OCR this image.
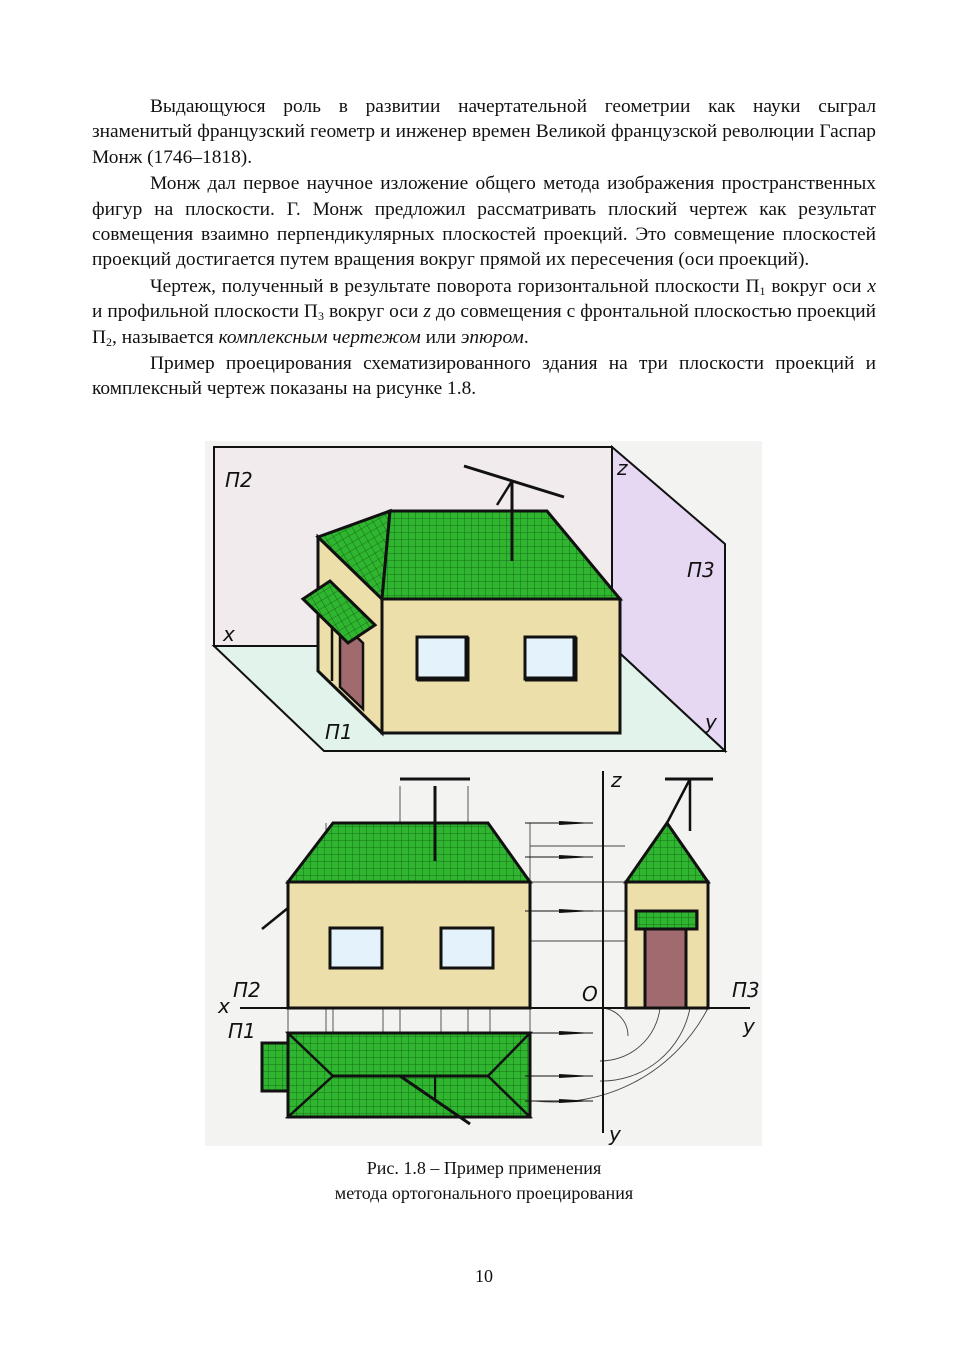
Выдающуюся роль в развитии начертательной геометрии как науки сыграл знаменитый французский геометр и инженер времен Великой французской революции Гаспар Монж (1746–1818).

Монж дал первое научное изложение общего метода изображения пространственных фигур на плоскости. Г. Монж предложил рассматривать плоский чертеж как результат совмещения взаимно перпендикулярных плоскостей проекций. Это совмещение плоскостей проекций достигается путем вращения вокруг прямой их пересечения (оси проекций).

Чертеж, полученный в результате поворота горизонтальной плоскости $П_1$ вокруг оси x и профильной плоскости $П_3$ вокруг оси z до совмещения с фронтальной плоскостью проекций $П_2$, называется комплексным чертежом или эпюром.

Пример проецирования схематизированного здания на три плоскости проекций и комплексный чертеж показаны на рисунке 1.8.

П2	z
П3
x
П1	y
z
x
П2
П1
O	П3
y
y
Рис. 1.8 – Пример применения
метода ортогонального проецирования
10
